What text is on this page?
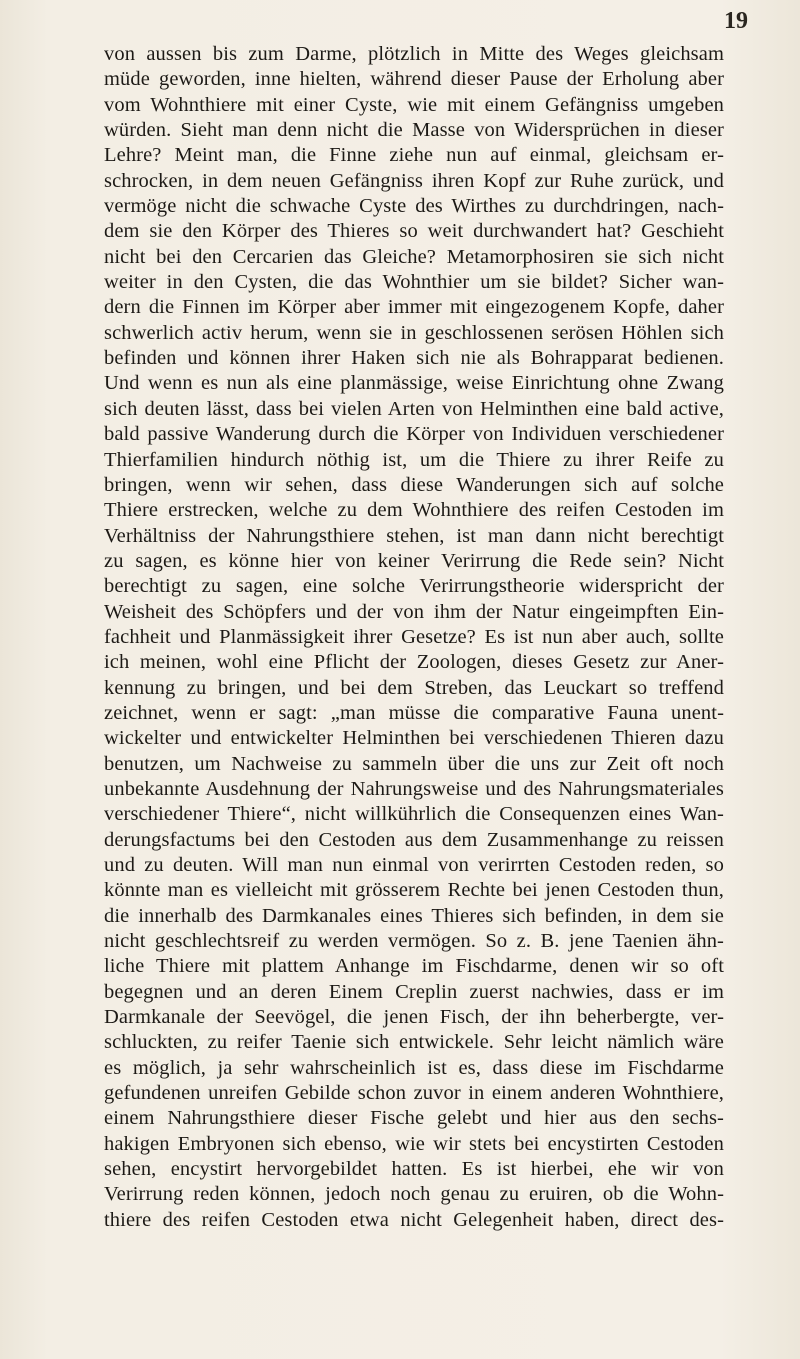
19
von aussen bis zum Darme, plötzlich in Mitte des Weges gleichsam
müde geworden, inne hielten, während dieser Pause der Erholung aber
vom Wohnthiere mit einer Cyste, wie mit einem Gefängniss umgeben
würden. Sieht man denn nicht die Masse von Widersprüchen in dieser
Lehre? Meint man, die Finne ziehe nun auf einmal, gleichsam er-
schrocken, in dem neuen Gefängniss ihren Kopf zur Ruhe zurück, und
vermöge nicht die schwache Cyste des Wirthes zu durchdringen, nach-
dem sie den Körper des Thieres so weit durchwandert hat? Geschieht
nicht bei den Cercarien das Gleiche? Metamorphosiren sie sich nicht
weiter in den Cysten, die das Wohnthier um sie bildet? Sicher wan-
dern die Finnen im Körper aber immer mit eingezogenem Kopfe, daher
schwerlich activ herum, wenn sie in geschlossenen serösen Höhlen sich
befinden und können ihrer Haken sich nie als Bohrapparat bedienen.
Und wenn es nun als eine planmässige, weise Einrichtung ohne Zwang
sich deuten lässt, dass bei vielen Arten von Helminthen eine bald active,
bald passive Wanderung durch die Körper von Individuen verschiedener
Thierfamilien hindurch nöthig ist, um die Thiere zu ihrer Reife zu
bringen, wenn wir sehen, dass diese Wanderungen sich auf solche
Thiere erstrecken, welche zu dem Wohnthiere des reifen Cestoden im
Verhältniss der Nahrungsthiere stehen, ist man dann nicht berechtigt
zu sagen, es könne hier von keiner Verirrung die Rede sein? Nicht
berechtigt zu sagen, eine solche Verirrungstheorie widerspricht der
Weisheit des Schöpfers und der von ihm der Natur eingeimpften Ein-
fachheit und Planmässigkeit ihrer Gesetze? Es ist nun aber auch, sollte
ich meinen, wohl eine Pflicht der Zoologen, dieses Gesetz zur Aner-
kennung zu bringen, und bei dem Streben, das Leuckart so treffend
zeichnet, wenn er sagt: „man müsse die comparative Fauna unent-
wickelter und entwickelter Helminthen bei verschiedenen Thieren dazu
benutzen, um Nachweise zu sammeln über die uns zur Zeit oft noch
unbekannte Ausdehnung der Nahrungsweise und des Nahrungsmateriales
verschiedener Thiere“, nicht willkührlich die Consequenzen eines Wan-
derungsfactums bei den Cestoden aus dem Zusammenhange zu reissen
und zu deuten. Will man nun einmal von verirrten Cestoden reden, so
könnte man es vielleicht mit grösserem Rechte bei jenen Cestoden thun,
die innerhalb des Darmkanales eines Thieres sich befinden, in dem sie
nicht geschlechtsreif zu werden vermögen. So z. B. jene Taenien ähn-
liche Thiere mit plattem Anhange im Fischdarme, denen wir so oft
begegnen und an deren Einem Creplin zuerst nachwies, dass er im
Darmkanale der Seevögel, die jenen Fisch, der ihn beherbergte, ver-
schluckten, zu reifer Taenie sich entwickele. Sehr leicht nämlich wäre
es möglich, ja sehr wahrscheinlich ist es, dass diese im Fischdarme
gefundenen unreifen Gebilde schon zuvor in einem anderen Wohnthiere,
einem Nahrungsthiere dieser Fische gelebt und hier aus den sechs-
hakigen Embryonen sich ebenso, wie wir stets bei encystirten Cestoden
sehen, encystirt hervorgebildet hatten. Es ist hierbei, ehe wir von
Verirrung reden können, jedoch noch genau zu eruiren, ob die Wohn-
thiere des reifen Cestoden etwa nicht Gelegenheit haben, direct des-
